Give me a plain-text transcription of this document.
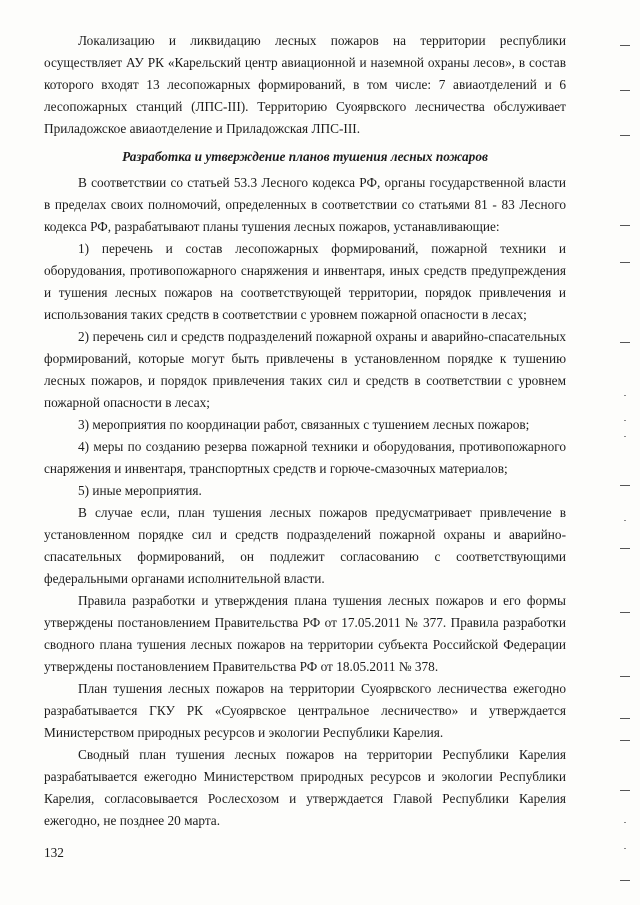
Локализацию и ликвидацию лесных пожаров на территории республики осуществляет АУ РК «Карельский центр авиационной и наземной охраны лесов», в состав которого входят 13 лесопожарных формирований, в том числе: 7 авиаотделений и 6 лесопожарных станций (ЛПС-III). Территорию Суоярвского лесничества обслуживает Приладожское авиаотделение и Приладожская ЛПС-III.

Разработка и утверждение планов тушения лесных пожаров

В соответствии со статьей 53.3 Лесного кодекса РФ, органы государственной власти в пределах своих полномочий, определенных в соответствии со статьями 81 - 83 Лесного кодекса РФ, разрабатывают планы тушения лесных пожаров, устанавливающие:

1) перечень и состав лесопожарных формирований, пожарной техники и оборудования, противопожарного снаряжения и инвентаря, иных средств предупреждения и тушения лесных пожаров на соответствующей территории, порядок привлечения и использования таких средств в соответствии с уровнем пожарной опасности в лесах;

2) перечень сил и средств подразделений пожарной охраны и аварийно-спасательных формирований, которые могут быть привлечены в установленном порядке к тушению лесных пожаров, и порядок привлечения таких сил и средств в соответствии с уровнем пожарной опасности в лесах;

3) мероприятия по координации работ, связанных с тушением лесных пожаров;

4) меры по созданию резерва пожарной техники и оборудования, противопожарного снаряжения и инвентаря, транспортных средств и горюче-смазочных материалов;

5) иные мероприятия.

В случае если, план тушения лесных пожаров предусматривает привлечение в установленном порядке сил и средств подразделений пожарной охраны и аварийно-спасательных формирований, он подлежит согласованию с соответствующими федеральными органами исполнительной власти.

Правила разработки и утверждения плана тушения лесных пожаров и его формы утверждены постановлением Правительства РФ от 17.05.2011 № 377. Правила разработки сводного плана тушения лесных пожаров на территории субъекта Российской Федерации утверждены постановлением Правительства РФ от 18.05.2011 № 378.

План тушения лесных пожаров на территории Суоярвского лесничества ежегодно разрабатывается ГКУ РК «Суоярвское центральное лесничество» и утверждается Министерством природных ресурсов и экологии Республики Карелия.

Сводный план тушения лесных пожаров на территории Республики Карелия разрабатывается ежегодно Министерством природных ресурсов и экологии Республики Карелия, согласовывается Рослесхозом и утверждается Главой Республики Карелия ежегодно, не позднее 20 марта.

132
